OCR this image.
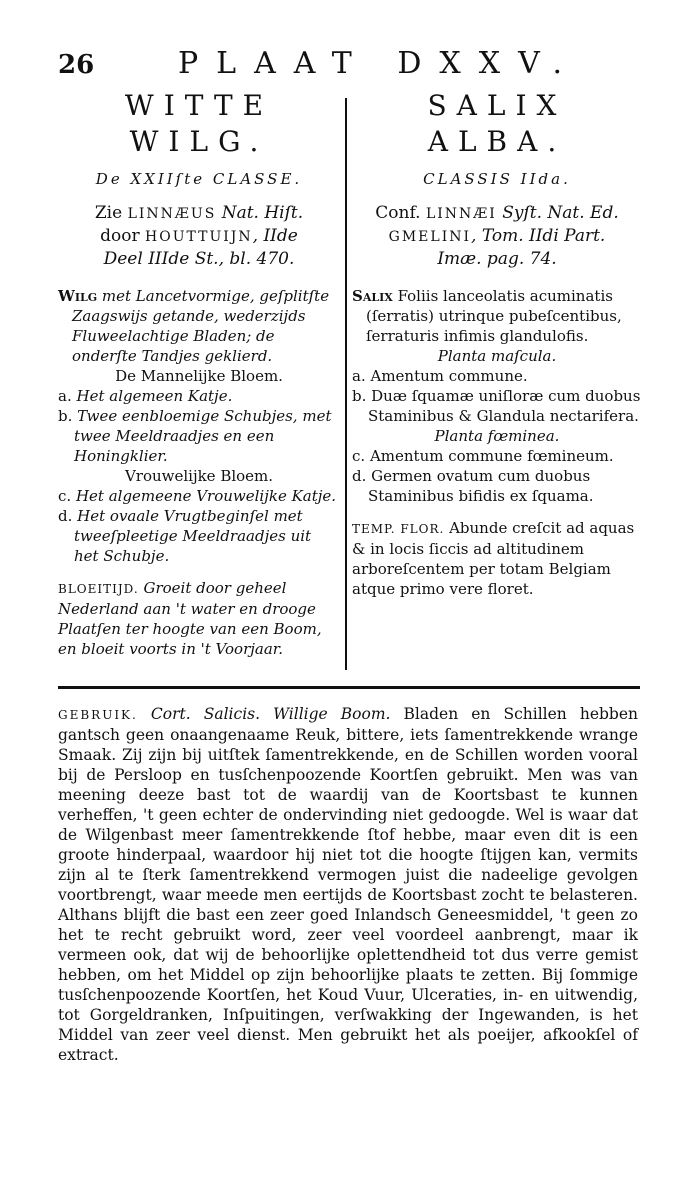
26	PLAAT DXXV.

WITTE

WILG.

De XXIIſte CLASSE.
Zie LINNÆUS Nat. Hiſt.
door HOUTTUIJN, IIde
Deel IIIde St., bl. 470.

Wilg met Lancetvormige, geſplitſte Zaagswijs getande, wederzijds Fluweelachtige Bladen; de onderſte Tandjes geklierd.

De Mannelijke Bloem.

a. Het algemeen Katje.

b. Twee eenbloemige Schubjes, met twee Meeldraadjes en een Honingklier.

Vrouwelijke Bloem.

c. Het algemeene Vrouwelijke Katje.

d. Het ovaale Vrugtbeginſel met tweeſpleetige Meeldraadjes uit het Schubje.

BLOEITIJD. Groeit door geheel Nederland aan 't water en drooge Plaatſen ter hoogte van een Boom, en bloeit voorts in 't Voorjaar.

SALIX

ALBA.

CLASSIS IIda.
Conf. LINNÆI Syſt. Nat. Ed.
GMELINI, Tom. IIdi Part.
Imæ. pag. 74.

Salix Foliis lanceolatis acuminatis (ſerratis) utrinque pubeſcentibus, ſerraturis infimis glandulofis.

Planta maſcula.

a. Amentum commune.

b. Duæ ſquamæ uniſloræ cum duobus Staminibus & Glandula nectarifera.

Planta fœminea.

c. Amentum commune fœmineum.

d. Germen ovatum cum duobus Staminibus bifidis ex ſquama.

TEMP. FLOR. Abunde creſcit ad aquas & in locis ſiccis ad altitudinem arboreſcentem per totam Belgiam atque primo vere floret.

GEBRUIK. Cort. Salicis. Willige Boom. Bladen en Schillen hebben gantsch geen onaangenaame Reuk, bittere, iets ſamentrekkende wrange Smaak. Zij zijn bij uitſtek ſamentrekkende, en de Schillen worden vooral bij de Persloop en tusſchenpoozende Koortſen gebruikt. Men was van meening deeze bast tot de waardij van de Koortsbast te kunnen verheffen, 't geen echter de ondervinding niet gedoogde. Wel is waar dat de Wilgenbast meer ſamentrekkende ſtof hebbe, maar even dit is een groote hinderpaal, waardoor hij niet tot die hoogte ſtijgen kan, vermits zijn al te ſterk ſamentrekkend vermogen juist die nadeelige gevolgen voortbrengt, waar meede men eertijds de Koortsbast zocht te belasteren. Althans blijft die bast een zeer goed Inlandsch Geneesmiddel, 't geen zo het te recht gebruikt word, zeer veel voordeel aanbrengt, maar ik vermeen ook, dat wij de behoorlijke oplettendheid tot dus verre gemist hebben, om het Middel op zijn behoorlijke plaats te zetten. Bij ſommige tusſchenpoozende Koortſen, het Koud Vuur, Ulceraties, in- en uitwendig, tot Gorgeldranken, Inſpuitingen, verſwakking der Ingewanden, is het Middel van zeer veel dienst. Men gebruikt het als poeijer, afkookſel of extract.
